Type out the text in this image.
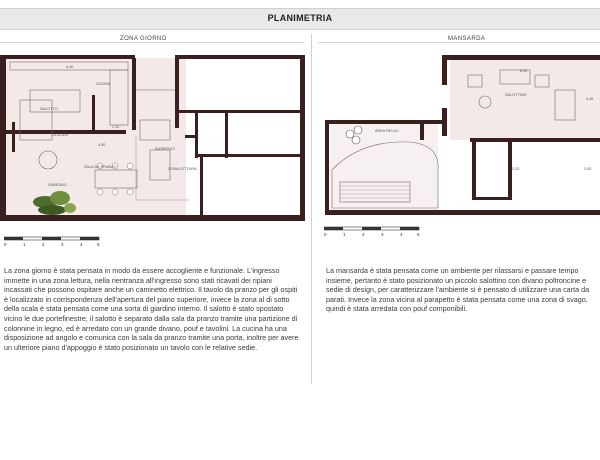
PLANIMETRIA
ZONA GIORNO	MANSARDA
CUCINA
SALOTTO
SALA DA PRANZO
INGRESSO
ZONA LETTURA
GIARDINO
GOLDEN
4.40
4.50
1.10
0	1	2	3	4	5
SALOTTINO
AREA RELAX
8.40
4.45
3.20	2.00
0	1	2	3	4	5
La zona giorno è stata pensata in modo da essere accogliente e funzionale. L'ingresso immette in una zona lettura, nella rientranza all'ingresso sono stati ricavati dei ripiani incassati che possono ospitare anche un caminetto elettrico. Il tavolo da pranzo per gli ospiti è localizzato in corrispondenza dell'apertura del piano superiore, invece la zona al di sotto della scala è stata pensata come una sorta di giardino interno. Il salotto è stato spostato vicino le due portefinestre, il salotto è separato dalla sala da pranzo tramite una partizione di colonnine in legno, ed è arredato con un grande divano, pouf e tavolini. La cucina ha una disposizione ad angolo e comunica con la sala da pranzo tramite una porta, inoltre per avere un ulteriore piano d'appoggio è stato posizionato un tavolo con le relative sedie.
La mansarda è stata pensata come un ambiente per rilassarsi e passare tempo insieme, pertanto è stato posizionato un piccolo salottino con divano poltroncine e sedie di design, per caratterizzare l'ambiente si è pensato di utilizzare una carta da parati. Invece la zona vicina al parapetto è stata pensata come una zona di svago, quindi è stata arredata con pouf componibili.
